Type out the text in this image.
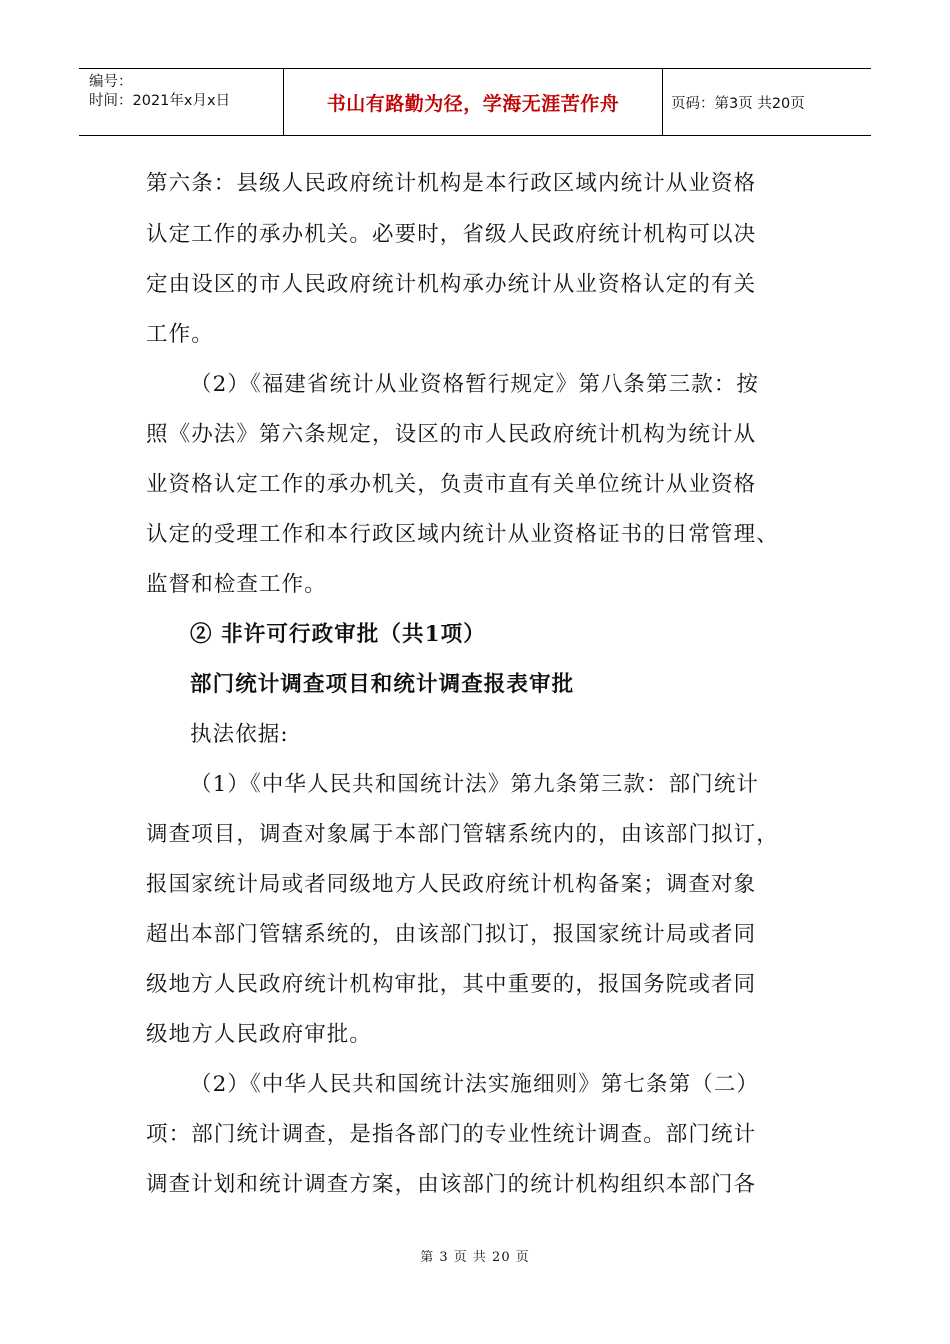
编号：
时间：2021年x月x日	书山有路勤为径，学海无涯苦作舟	页码：第3页 共20页
第六条：县级人民政府统计机构是本行政区域内统计从业资格
认定工作的承办机关。必要时，省级人民政府统计机构可以决
定由设区的市人民政府统计机构承办统计从业资格认定的有关
工作。
（2）《福建省统计从业资格暂行规定》第八条第三款：按
照《办法》第六条规定，设区的市人民政府统计机构为统计从
业资格认定工作的承办机关，负责市直有关单位统计从业资格
认定的受理工作和本行政区域内统计从业资格证书的日常管理、
监督和检查工作。
② 非许可行政审批（共1项）
部门统计调查项目和统计调查报表审批
执法依据:
（1）《中华人民共和国统计法》第九条第三款：部门统计
调查项目，调查对象属于本部门管辖系统内的，由该部门拟订，
报国家统计局或者同级地方人民政府统计机构备案；调查对象
超出本部门管辖系统的，由该部门拟订，报国家统计局或者同
级地方人民政府统计机构审批，其中重要的，报国务院或者同
级地方人民政府审批。
（2）《中华人民共和国统计法实施细则》第七条第（二）
项：部门统计调查，是指各部门的专业性统计调查。部门统计
调查计划和统计调查方案，由该部门的统计机构组织本部门各
第 3 页 共 20 页
